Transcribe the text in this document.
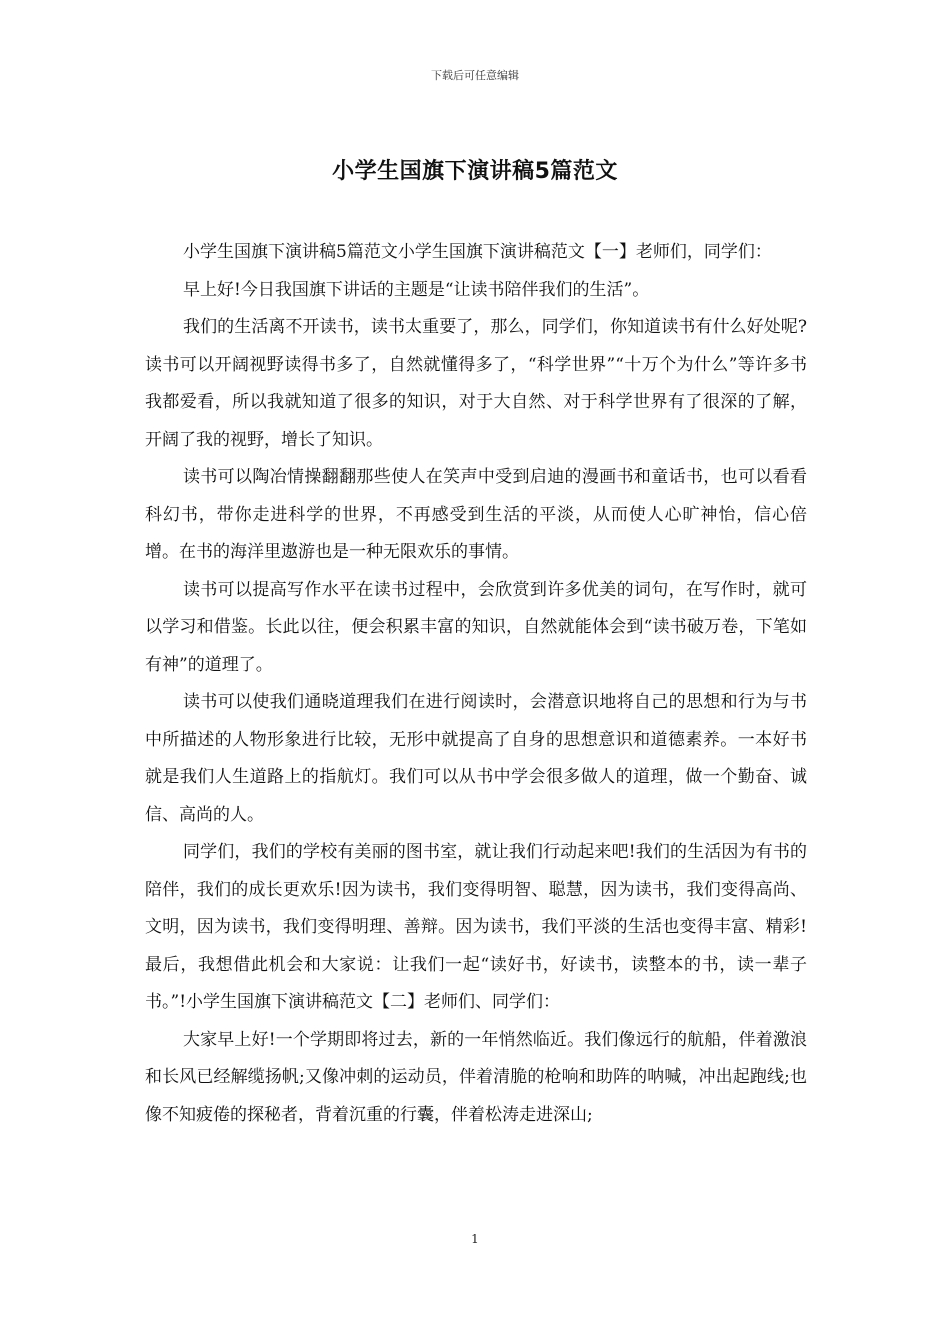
下载后可任意编辑
小学生国旗下演讲稿5篇范文

小学生国旗下演讲稿5篇范文小学生国旗下演讲稿范文【一】老师们，同学们：

早上好!今日我国旗下讲话的主题是“让读书陪伴我们的生活”。

我们的生活离不开读书，读书太重要了，那么，同学们，你知道读书有什么好处呢?读书可以开阔视野读得书多了，自然就懂得多了，“科学世界”“十万个为什么”等许多书我都爱看，所以我就知道了很多的知识，对于大自然、对于科学世界有了很深的了解，开阔了我的视野，增长了知识。

读书可以陶冶情操翻翻那些使人在笑声中受到启迪的漫画书和童话书，也可以看看科幻书，带你走进科学的世界，不再感受到生活的平淡，从而使人心旷神怡，信心倍增。在书的海洋里遨游也是一种无限欢乐的事情。

读书可以提高写作水平在读书过程中，会欣赏到许多优美的词句，在写作时，就可以学习和借鉴。长此以往，便会积累丰富的知识，自然就能体会到“读书破万卷，下笔如有神”的道理了。

读书可以使我们通晓道理我们在进行阅读时，会潜意识地将自己的思想和行为与书中所描述的人物形象进行比较，无形中就提高了自身的思想意识和道德素养。一本好书就是我们人生道路上的指航灯。我们可以从书中学会很多做人的道理，做一个勤奋、诚信、高尚的人。

同学们，我们的学校有美丽的图书室，就让我们行动起来吧!我们的生活因为有书的陪伴，我们的成长更欢乐!因为读书，我们变得明智、聪慧，因为读书，我们变得高尚、文明，因为读书，我们变得明理、善辩。因为读书，我们平淡的生活也变得丰富、精彩!最后，我想借此机会和大家说：让我们一起“读好书，好读书，读整本的书，读一辈子书。”!小学生国旗下演讲稿范文【二】老师们、同学们：

大家早上好!一个学期即将过去，新的一年悄然临近。我们像远行的航船，伴着激浪和长风已经解缆扬帆;又像冲刺的运动员，伴着清脆的枪响和助阵的呐喊，冲出起跑线;也像不知疲倦的探秘者，背着沉重的行囊，伴着松涛走进深山;

1
